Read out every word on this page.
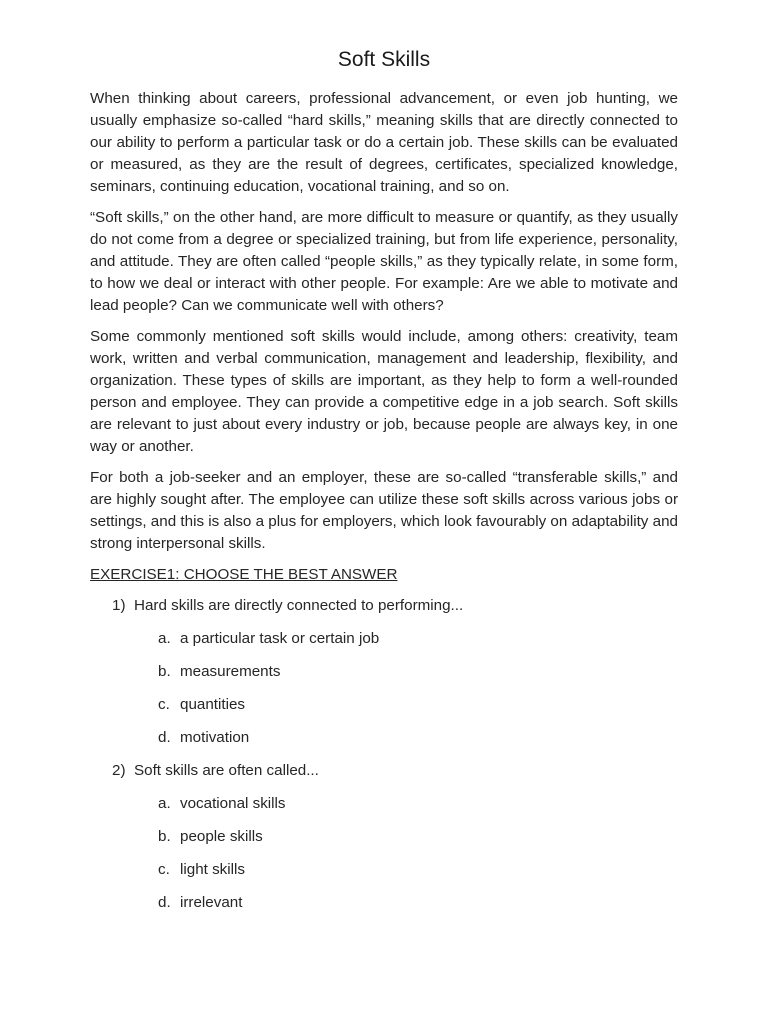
Soft Skills

When thinking about careers, professional advancement, or even job hunting, we usually emphasize so-called “hard skills,” meaning skills that are directly connected to our ability to perform a particular task or do a certain job. These skills can be evaluated or measured, as they are the result of degrees, certificates, specialized knowledge, seminars, continuing education, vocational training, and so on.

“Soft skills,” on the other hand, are more difficult to measure or quantify, as they usually do not come from a degree or specialized training, but from life experience, personality, and attitude. They are often called “people skills,” as they typically relate, in some form, to how we deal or interact with other people. For example: Are we able to motivate and lead people? Can we communicate well with others?

Some commonly mentioned soft skills would include, among others: creativity, team work, written and verbal communication, management and leadership, flexibility, and organization. These types of skills are important, as they help to form a well-rounded person and employee. They can provide a competitive edge in a job search. Soft skills are relevant to just about every industry or job, because people are always key, in one way or another.

For both a job-seeker and an employer, these are so-called “transferable skills,” and are highly sought after. The employee can utilize these soft skills across various jobs or settings, and this is also a plus for employers, which look favourably on adaptability and strong interpersonal skills.

EXERCISE1: CHOOSE THE BEST ANSWER
1) Hard skills are directly connected to performing...
a. a particular task or certain job
b. measurements
c. quantities
d. motivation
2) Soft skills are often called...
a. vocational skills
b. people skills
c. light skills
d. irrelevant
